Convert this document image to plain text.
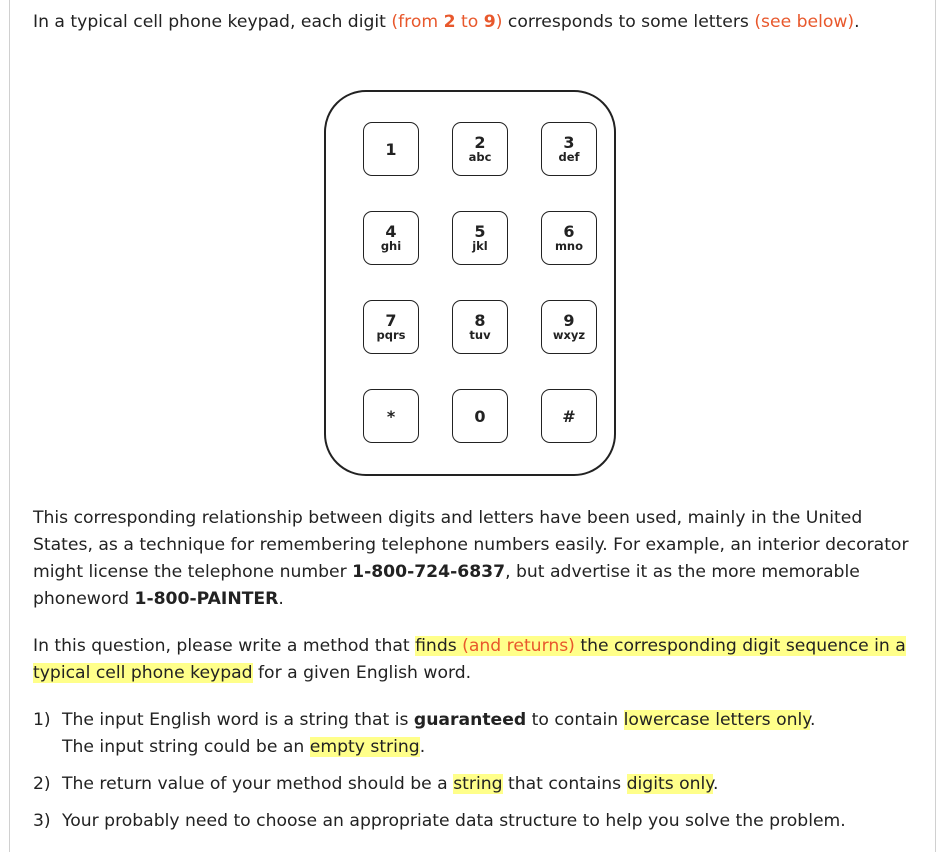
In a typical cell phone keypad, each digit (from 2 to 9) corresponds to some letters (see below).

1	2
abc
3
def
4
ghi
5
jkl
6
mno
7
pqrs
8
tuv
9
wxyz
*	0	#

This corresponding relationship between digits and letters have been used, mainly in the United States, as a technique for remembering telephone numbers easily. For example, an interior decorator might license the telephone number 1-800-724-6837, but advertise it as the more memorable phoneword 1-800-PAINTER.

In this question, please write a method that finds (and returns) the corresponding digit sequence in a typical cell phone keypad for a given English word.

1) The input English word is a string that is guaranteed to contain lowercase letters only.
The input string could be an empty string.
2) The return value of your method should be a string that contains digits only.
3) Your probably need to choose an appropriate data structure to help you solve the problem.
